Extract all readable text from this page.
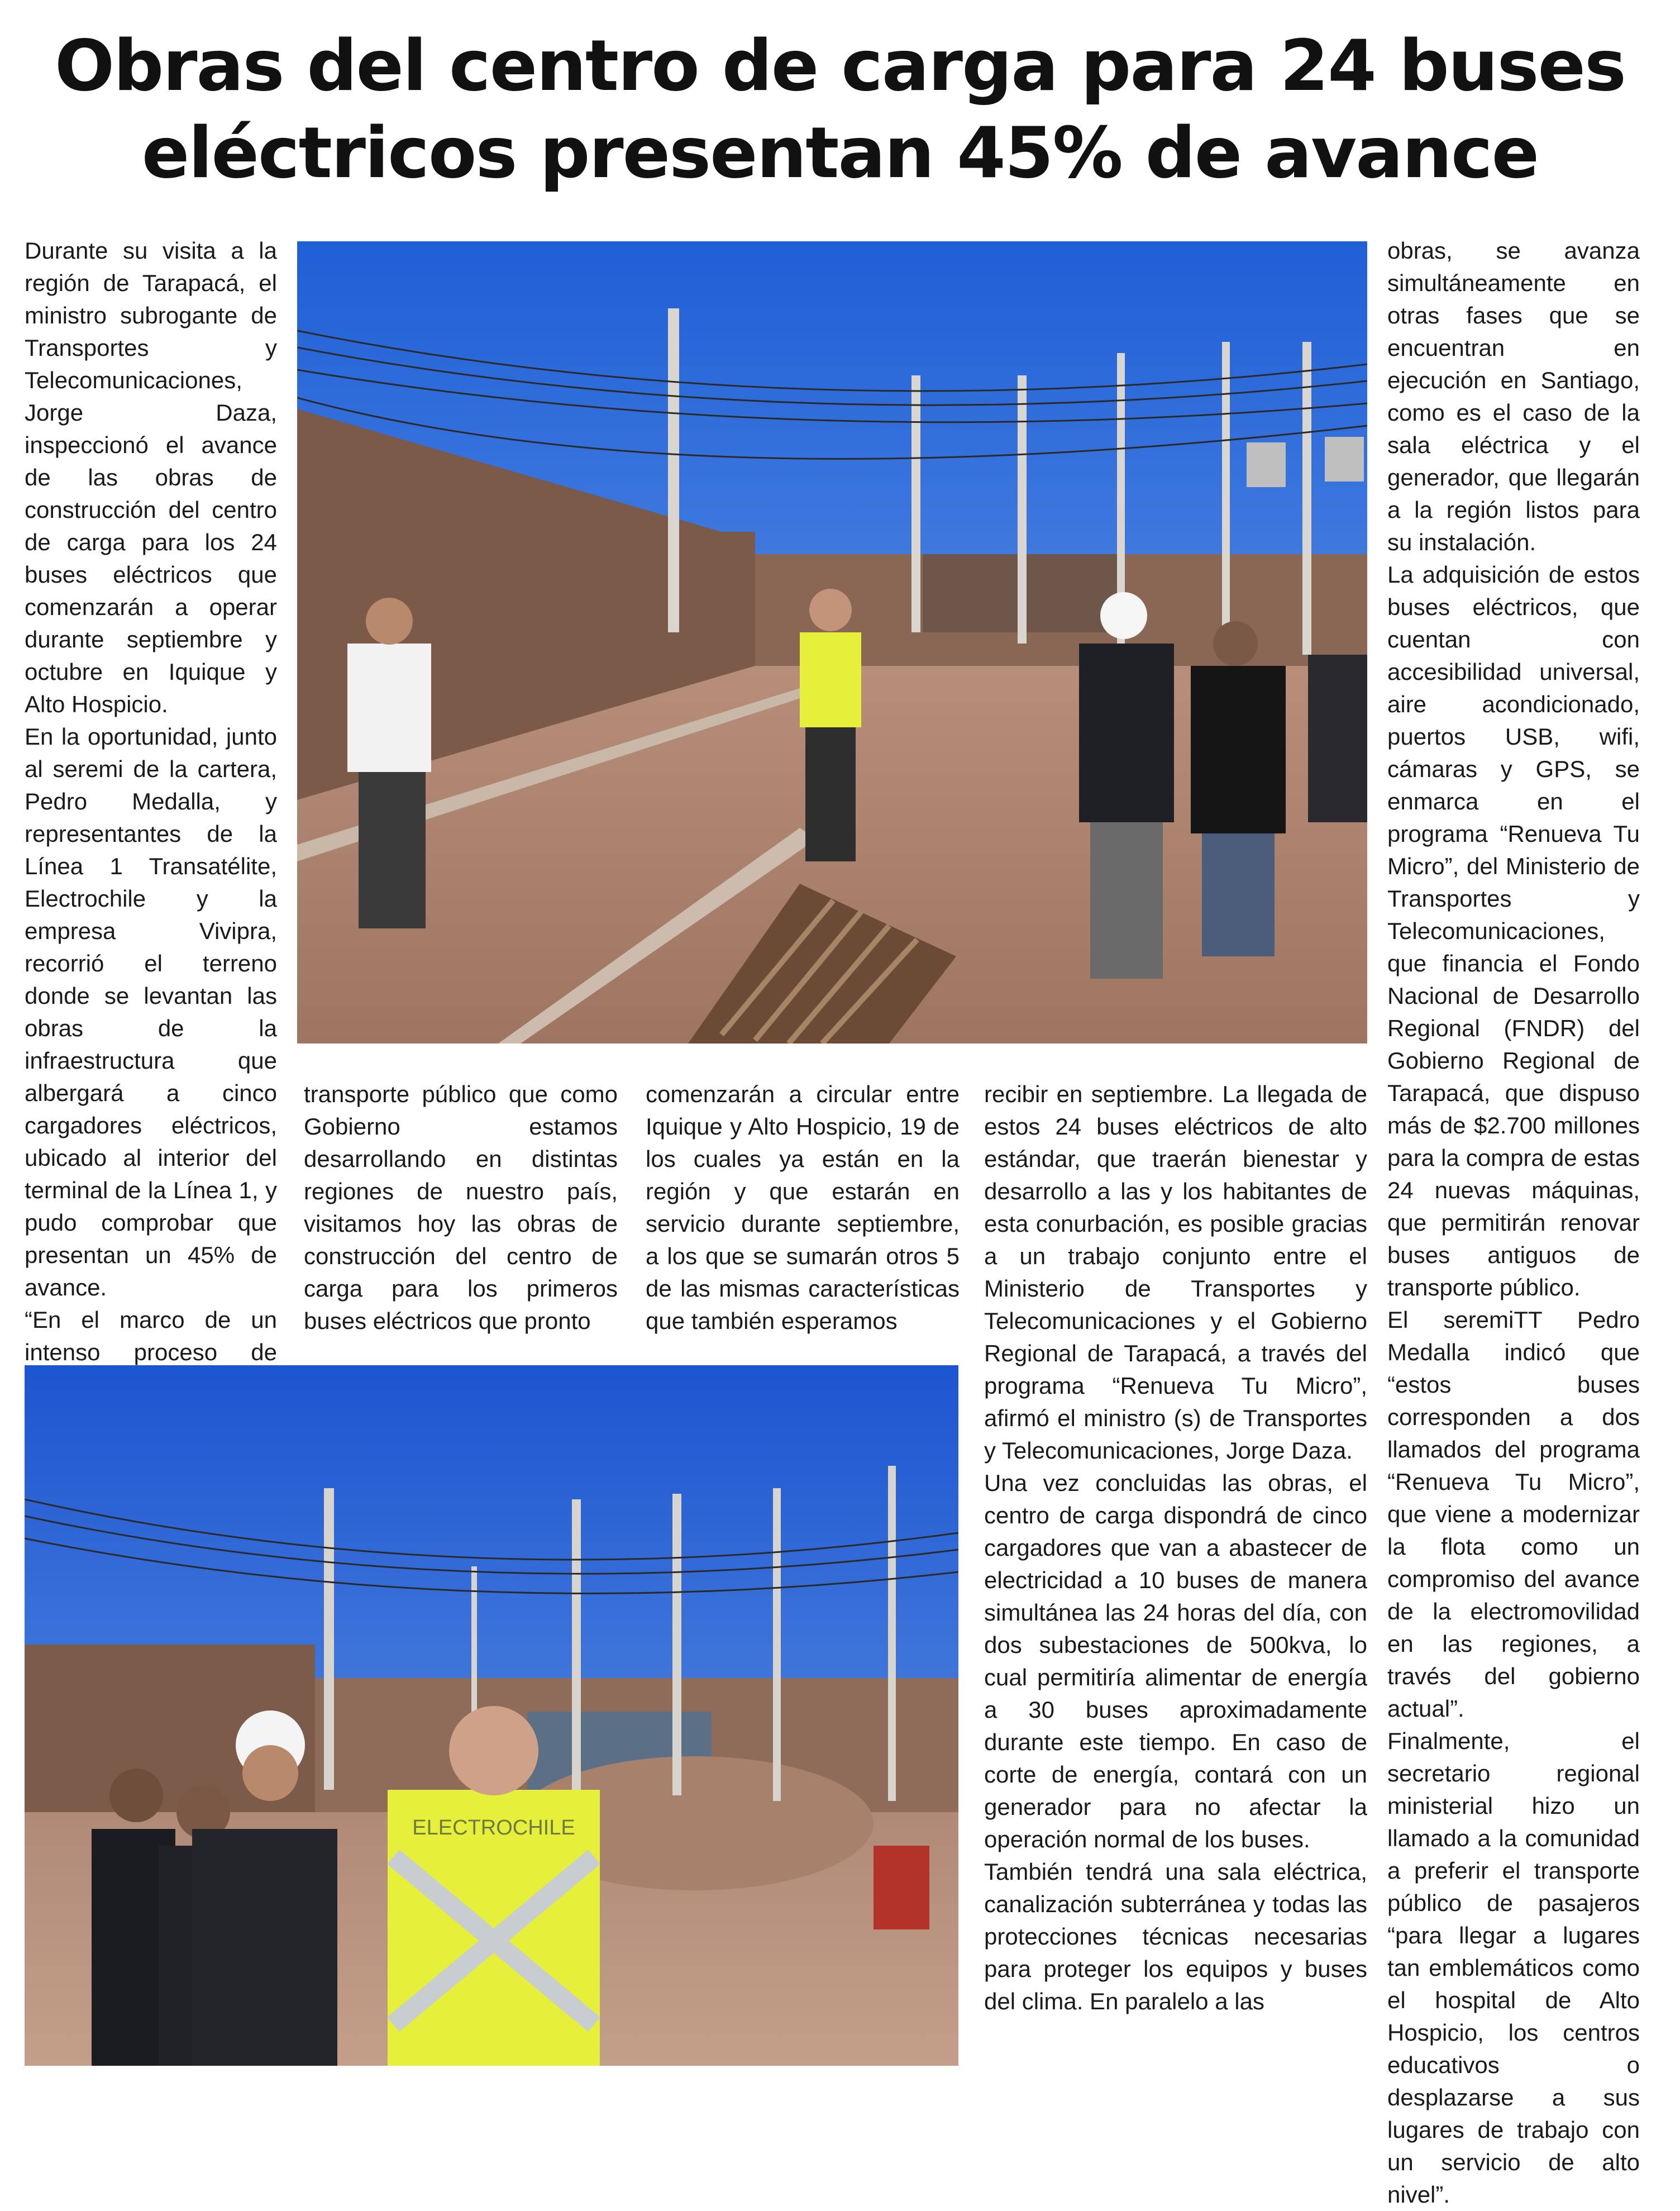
Obras del centro de carga para 24 buses
eléctricos presentan 45% de avance

Durante su visita a la región de Tarapacá, el ministro subrogante de Transportes y Telecomunicaciones, Jorge Daza, inspeccionó el avance de las obras de construcción del centro de carga para los 24 buses eléctricos que comenzarán a operar durante septiembre y octubre en Iquique y Alto Hospicio.

En la oportunidad, junto al seremi de la cartera, Pedro Medalla, y representantes de la Línea 1 Transatélite, Electrochile y la empresa Vivipra, recorrió el terreno donde se levantan las obras de la infraestructura que albergará a cinco cargadores eléctricos, ubicado al interior del terminal de la Línea 1, y pudo comprobar que presentan un 45% de avance.

“En el marco de un intenso proceso de

transporte público que como Gobierno estamos desarrollando en distintas regiones de nuestro país, visitamos hoy las obras de construcción del centro de carga para los primeros buses eléctricos que pronto

comenzarán a circular entre Iquique y Alto Hospicio, 19 de los cuales ya están en la región y que estarán en servicio durante septiembre, a los que se sumarán otros 5 de las mismas características que también esperamos

recibir en septiembre. La llegada de estos 24 buses eléctricos de alto estándar, que traerán bienestar y desarrollo a las y los habitantes de esta conurbación, es posible gracias a un trabajo conjunto entre el Ministerio de Transportes y Telecomunicaciones y el Gobierno Regional de Tarapacá, a través del programa “Renueva Tu Micro”, afirmó el ministro (s) de Transportes y Telecomunicaciones, Jorge Daza.

Una vez concluidas las obras, el centro de carga dispondrá de cinco cargadores que van a abastecer de electricidad a 10 buses de manera simultánea las 24 horas del día, con dos subestaciones de 500kva, lo cual permitiría alimentar de energía a 30 buses aproximadamente durante este tiempo. En caso de corte de energía, contará con un generador para no afectar la operación normal de los buses.

También tendrá una sala eléctrica, canalización subterránea y todas las protecciones técnicas necesarias para proteger los equipos y buses del clima. En paralelo a las

obras, se avanza simultáneamente en otras fases que se encuentran en ejecución en Santiago, como es el caso de la sala eléctrica y el generador, que llegarán a la región listos para su instalación.

La adquisición de estos buses eléctricos, que cuentan con accesibilidad universal, aire acondicionado, puertos USB, wifi, cámaras y GPS, se enmarca en el programa “Renueva Tu Micro”, del Ministerio de Transportes y Telecomunicaciones, que financia el Fondo Nacional de Desarrollo Regional (FNDR) del Gobierno Regional de Tarapacá, que dispuso más de $2.700 millones para la compra de estas 24 nuevas máquinas, que permitirán renovar buses antiguos de transporte público.

El seremiTT Pedro Medalla indicó que “estos buses corresponden a dos llamados del programa “Renueva Tu Micro”, que viene a modernizar la flota como un compromiso del avance de la electromovilidad en las regiones, a través del gobierno actual”.

Finalmente, el secretario regional ministerial hizo un llamado a la comunidad a preferir el transporte público de pasajeros “para llegar a lugares tan emblemáticos como el hospital de Alto Hospicio, los centros educativos o desplazarse a sus lugares de trabajo con un servicio de alto nivel”.

ELECTROCHILE
